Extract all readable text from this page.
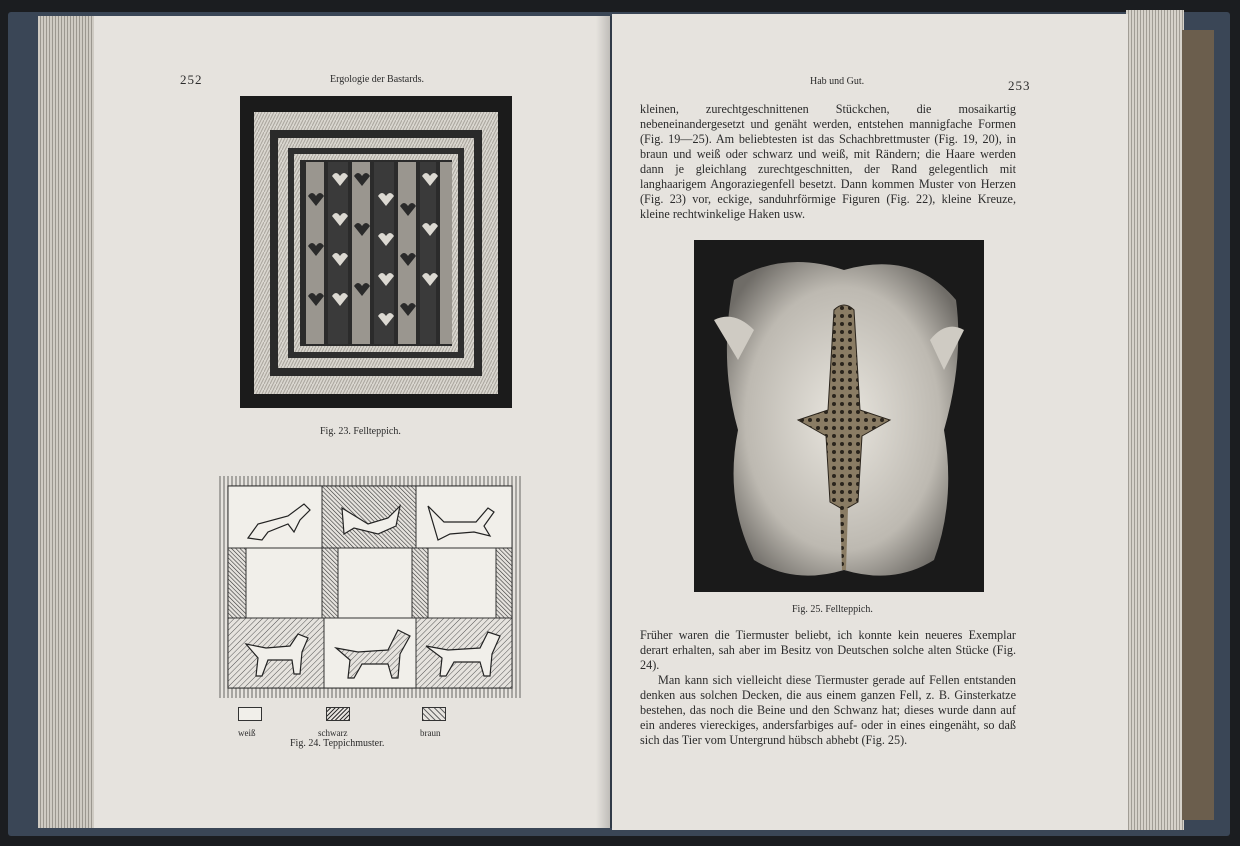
252	Ergologie der Bastards.
Fig. 23. Fellteppich.
weiß	schwarz	braun
Fig. 24. Teppichmuster.
Hab und Gut.	253

kleinen, zurechtgeschnittenen Stückchen, die mosaikartig nebeneinandergesetzt und genäht werden, entstehen mannigfache Formen (Fig. 19—25). Am beliebtesten ist das Schachbrettmuster (Fig. 19, 20), in braun und weiß oder schwarz und weiß, mit Rändern; die Haare werden dann je gleichlang zurechtgeschnitten, der Rand gelegentlich mit langhaarigem Angoraziegenfell besetzt. Dann kommen Muster von Herzen (Fig. 23) vor, eckige, sanduhrförmige Figuren (Fig. 22), kleine Kreuze, kleine rechtwinkelige Haken usw.

Fig. 25. Fellteppich.

Früher waren die Tiermuster beliebt, ich konnte kein neueres Exemplar derart erhalten, sah aber im Besitz von Deutschen solche alten Stücke (Fig. 24).

Man kann sich vielleicht diese Tiermuster gerade auf Fellen entstanden denken aus solchen Decken, die aus einem ganzen Fell, z. B. Ginsterkatze bestehen, das noch die Beine und den Schwanz hat; dieses wurde dann auf ein anderes viereckiges, andersfarbiges auf- oder in eines eingenäht, so daß sich das Tier vom Untergrund hübsch abhebt (Fig. 25).
